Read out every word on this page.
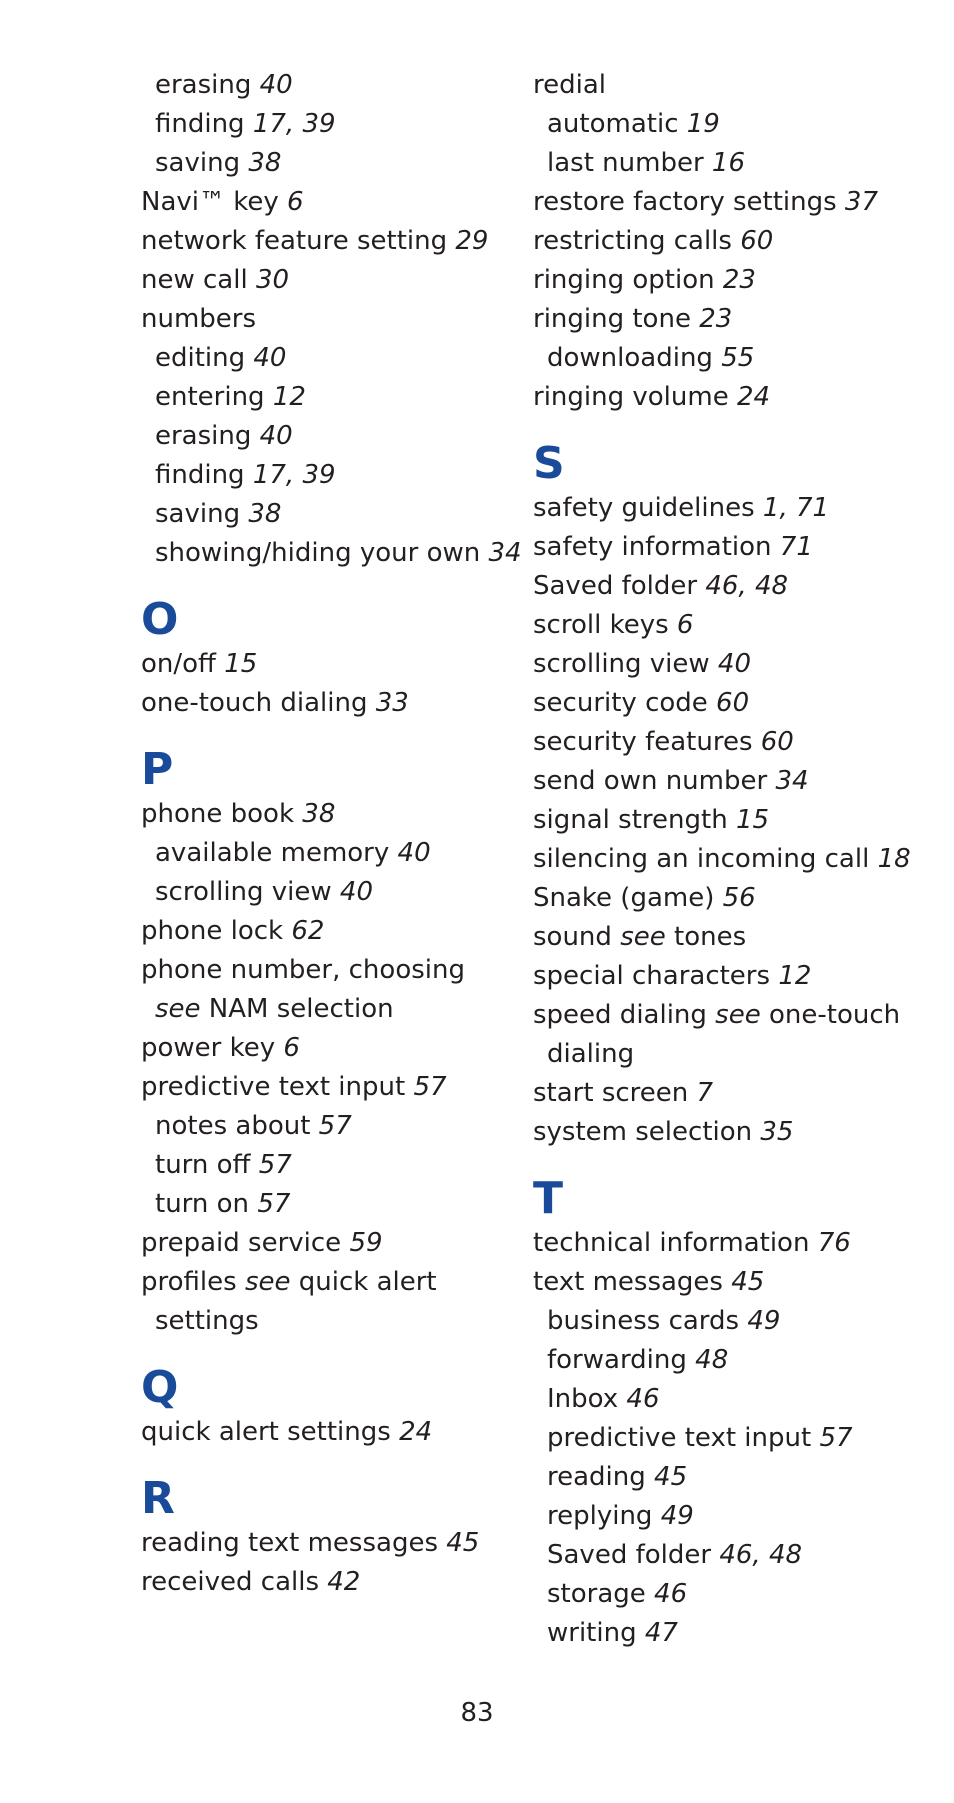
erasing 40
finding 17, 39
saving 38
Navi™ key 6
network feature setting 29
new call 30
numbers
editing 40
entering 12
erasing 40
finding 17, 39
saving 38
showing/hiding your own 34
O
on/off 15
one-touch dialing 33
P
phone book 38
available memory 40
scrolling view 40
phone lock 62
phone number, choosing
see NAM selection
power key 6
predictive text input 57
notes about 57
turn off 57
turn on 57
prepaid service 59
profiles see quick alert
settings
Q
quick alert settings 24
R
reading text messages 45
received calls 42
redial
automatic 19
last number 16
restore factory settings 37
restricting calls 60
ringing option 23
ringing tone 23
downloading 55
ringing volume 24
S
safety guidelines 1, 71
safety information 71
Saved folder 46, 48
scroll keys 6
scrolling view 40
security code 60
security features 60
send own number 34
signal strength 15
silencing an incoming call 18
Snake (game) 56
sound see tones
special characters 12
speed dialing see one-touch
dialing
start screen 7
system selection 35
T
technical information 76
text messages 45
business cards 49
forwarding 48
Inbox 46
predictive text input 57
reading 45
replying 49
Saved folder 46, 48
storage 46
writing 47
83
